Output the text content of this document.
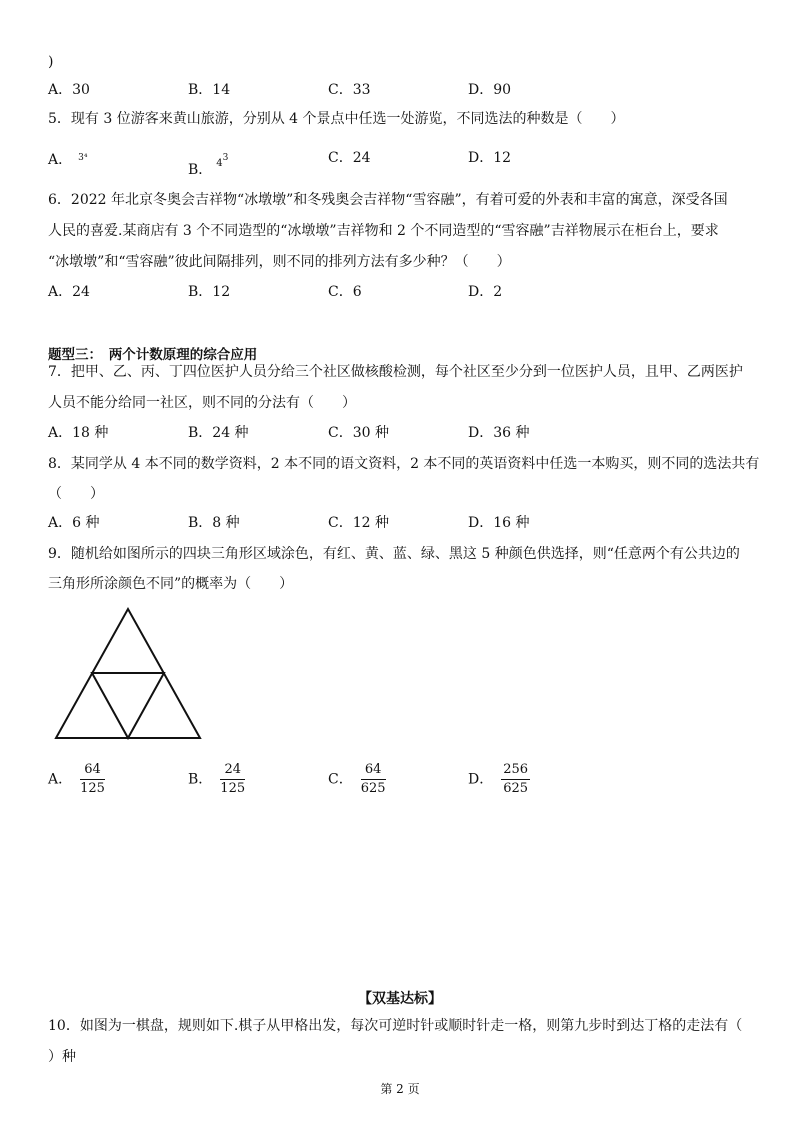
)
A．30	B．14	C．33	D．90
5．现有 3 位游客来黄山旅游，分别从 4 个景点中任选一处游览，不同选法的种数是（　　）
A． $^{3^4}$
B． $^{43}$	C．24	D．12
6．2022 年北京冬奥会吉祥物“冰墩墩”和冬残奥会吉祥物“雪容融”，有着可爱的外表和丰富的寓意，深受各国
人民的喜爱.某商店有 3 个不同造型的“冰墩墩”吉祥物和 2 个不同造型的“雪容融”吉祥物展示在柜台上，要求
“冰墩墩”和“雪容融”彼此间隔排列，则不同的排列方法有多少种？（　　）
A．24	B．12	C．6	D．2
题型三：　两个计数原理的综合应用
7．把甲、乙、丙、丁四位医护人员分给三个社区做核酸检测，每个社区至少分到一位医护人员，且甲、乙两医护
人员不能分给同一社区，则不同的分法有（　　）
A．18 种	B．24 种	C．30 种	D．36 种
8．某同学从 4 本不同的数学资料，2 本不同的语文资料，2 本不同的英语资料中任选一本购买，则不同的选法共有
（　　）
A．6 种	B．8 种	C．12 种	D．16 种
9．随机给如图所示的四块三角形区域涂色，有红、黄、蓝、绿、黑这 5 种颜色供选择，则“任意两个有公共边的
三角形所涂颜色不同”的概率为（　　）
A． $\frac{64}{125}$	B． $\frac{24}{125}$	C． $\frac{64}{625}$	D． $\frac{256}{625}$
【双基达标】
10．如图为一棋盘，规则如下.棋子从甲格出发，每次可逆时针或顺时针走一格，则第九步时到达丁格的走法有（
）种
第 2 页
